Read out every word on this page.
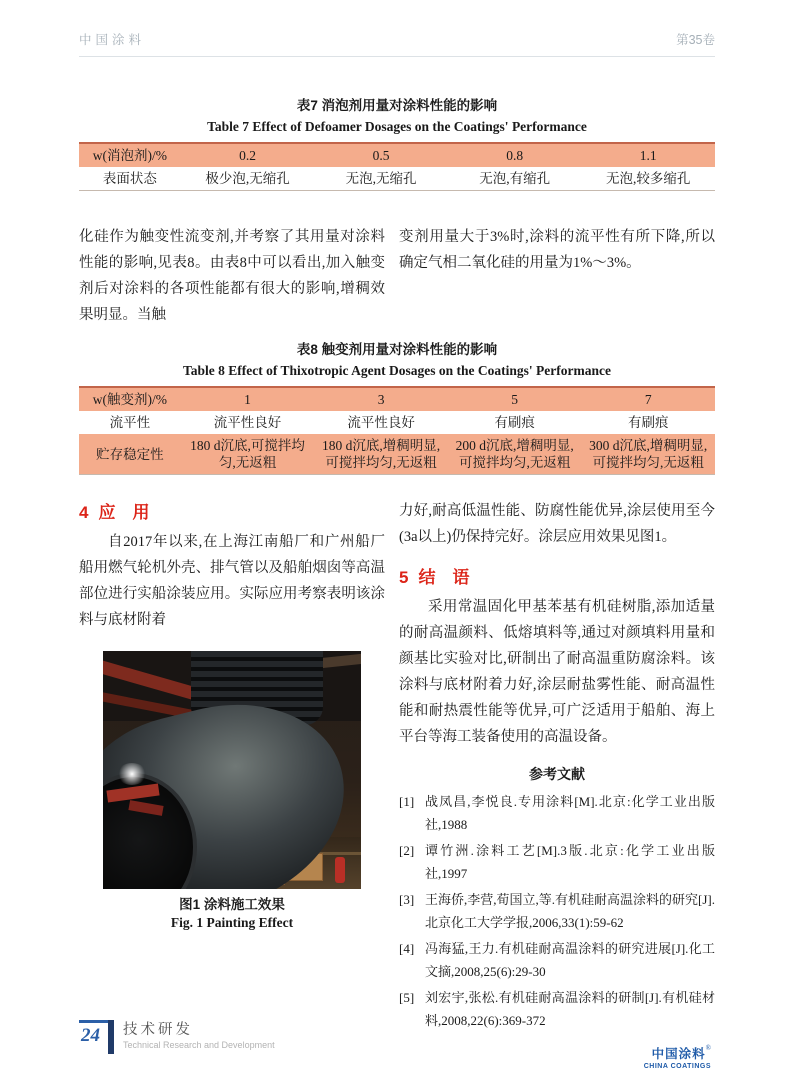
中国涂料	第35卷
表7 消泡剂用量对涂料性能的影响
Table 7 Effect of Defoamer Dosages on the Coatings' Performance
w(消泡剂)/%	0.2	0.5	0.8	1.1
表面状态	极少泡,无缩孔	无泡,无缩孔	无泡,有缩孔	无泡,较多缩孔

化硅作为触变性流变剂,并考察了其用量对涂料性能的影响,见表8。由表8中可以看出,加入触变剂后对涂料的各项性能都有很大的影响,增稠效果明显。当触

变剂用量大于3%时,涂料的流平性有所下降,所以确定气相二氧化硅的用量为1%～3%。

表8 触变剂用量对涂料性能的影响
Table 8 Effect of Thixotropic Agent Dosages on the Coatings' Performance
w(触变剂)/%	1	3	5	7
流平性	流平性良好	流平性良好	有刷痕	有刷痕
贮存稳定性	180 d沉底,可搅拌均匀,无返粗	180 d沉底,增稠明显,可搅拌均匀,无返粗	200 d沉底,增稠明显,可搅拌均匀,无返粗	300 d沉底,增稠明显,可搅拌均匀,无返粗
4 应　用

自2017年以来,在上海江南船厂和广州船厂船用燃气轮机外壳、排气管以及船舶烟囱等高温部位进行实船涂装应用。实际应用考察表明该涂料与底材附着

图1 涂料施工效果
Fig. 1 Painting Effect

力好,耐高低温性能、防腐性能优异,涂层使用至今(3a以上)仍保持完好。涂层应用效果见图1。

5 结　语

采用常温固化甲基苯基有机硅树脂,添加适量的耐高温颜料、低熔填料等,通过对颜填料用量和颜基比实验对比,研制出了耐高温重防腐涂料。该涂料与底材附着力好,涂层耐盐雾性能、耐高温性能和耐热震性能等优异,可广泛适用于船舶、海上平台等海工装备使用的高温设备。

参考文献
[1] 战凤昌,李悦良.专用涂料[M].北京:化学工业出版社,1988
[2] 谭竹洲.涂料工艺[M].3版.北京:化学工业出版社,1997
[3] 王海侨,李营,荀国立,等.有机硅耐高温涂料的研究[J].北京化工大学学报,2006,33(1):59-62
[4] 冯海猛,王力.有机硅耐高温涂料的研究进展[J].化工文摘,2008,25(6):29-30
[5] 刘宏宇,张松.有机硅耐高温涂料的研制[J].有机硅材料,2008,22(6):369-372
中国涂料®
CHINA COATINGS
24	技术研发
Technical Research and Development
